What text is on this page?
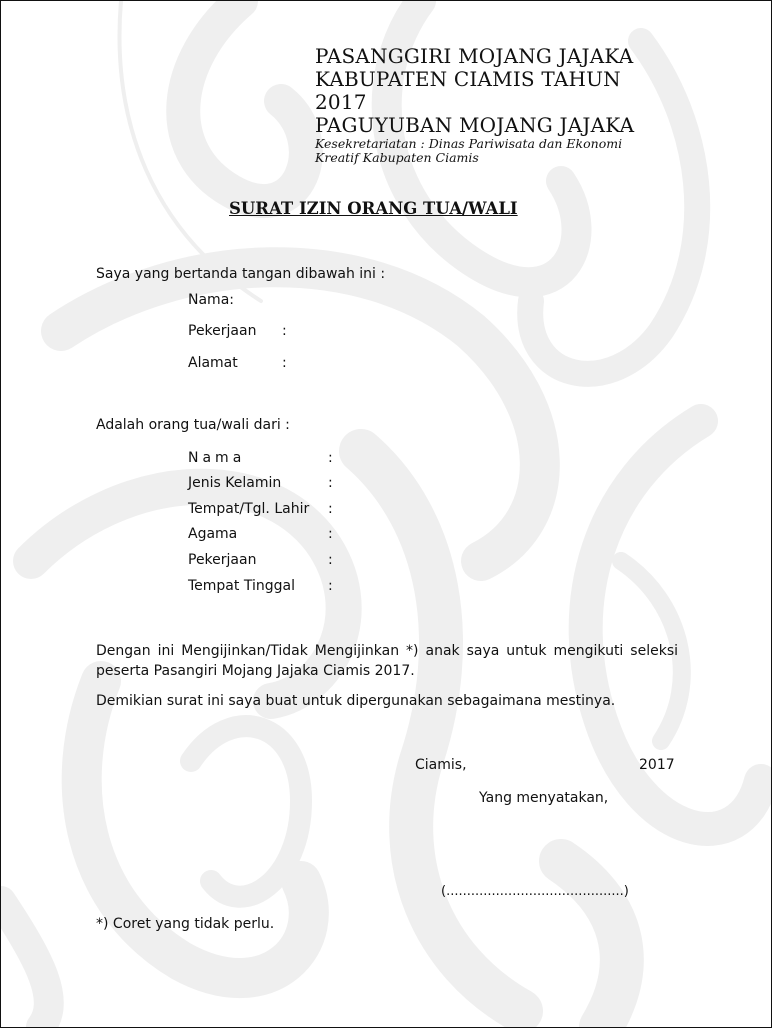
PASANGGIRI MOJANG JAJAKA
KABUPATEN CIAMIS TAHUN
2017
PAGUYUBAN MOJANG JAJAKA
Kesekretariatan : Dinas Pariwisata dan Ekonomi
Kreatif Kabupaten Ciamis
SURAT IZIN ORANG TUA/WALI
Saya yang bertanda tangan dibawah ini :
Nama:
Pekerjaan :
Alamat	:
Adalah orang tua/wali dari :
Nama	:
Jenis Kelamin	:
Tempat/Tgl. Lahir :
Agama	:
Pekerjaan	:
Tempat Tinggal :
Dengan ini Mengijinkan/Tidak Mengijinkan *) anak saya untuk mengikuti seleksi peserta Pasangiri Mojang Jajaka Ciamis 2017.
Demikian surat ini saya buat untuk dipergunakan sebagaimana mestinya.
Ciamis,	2017
Yang menyatakan,
(...........................................)
*) Coret yang tidak perlu.
